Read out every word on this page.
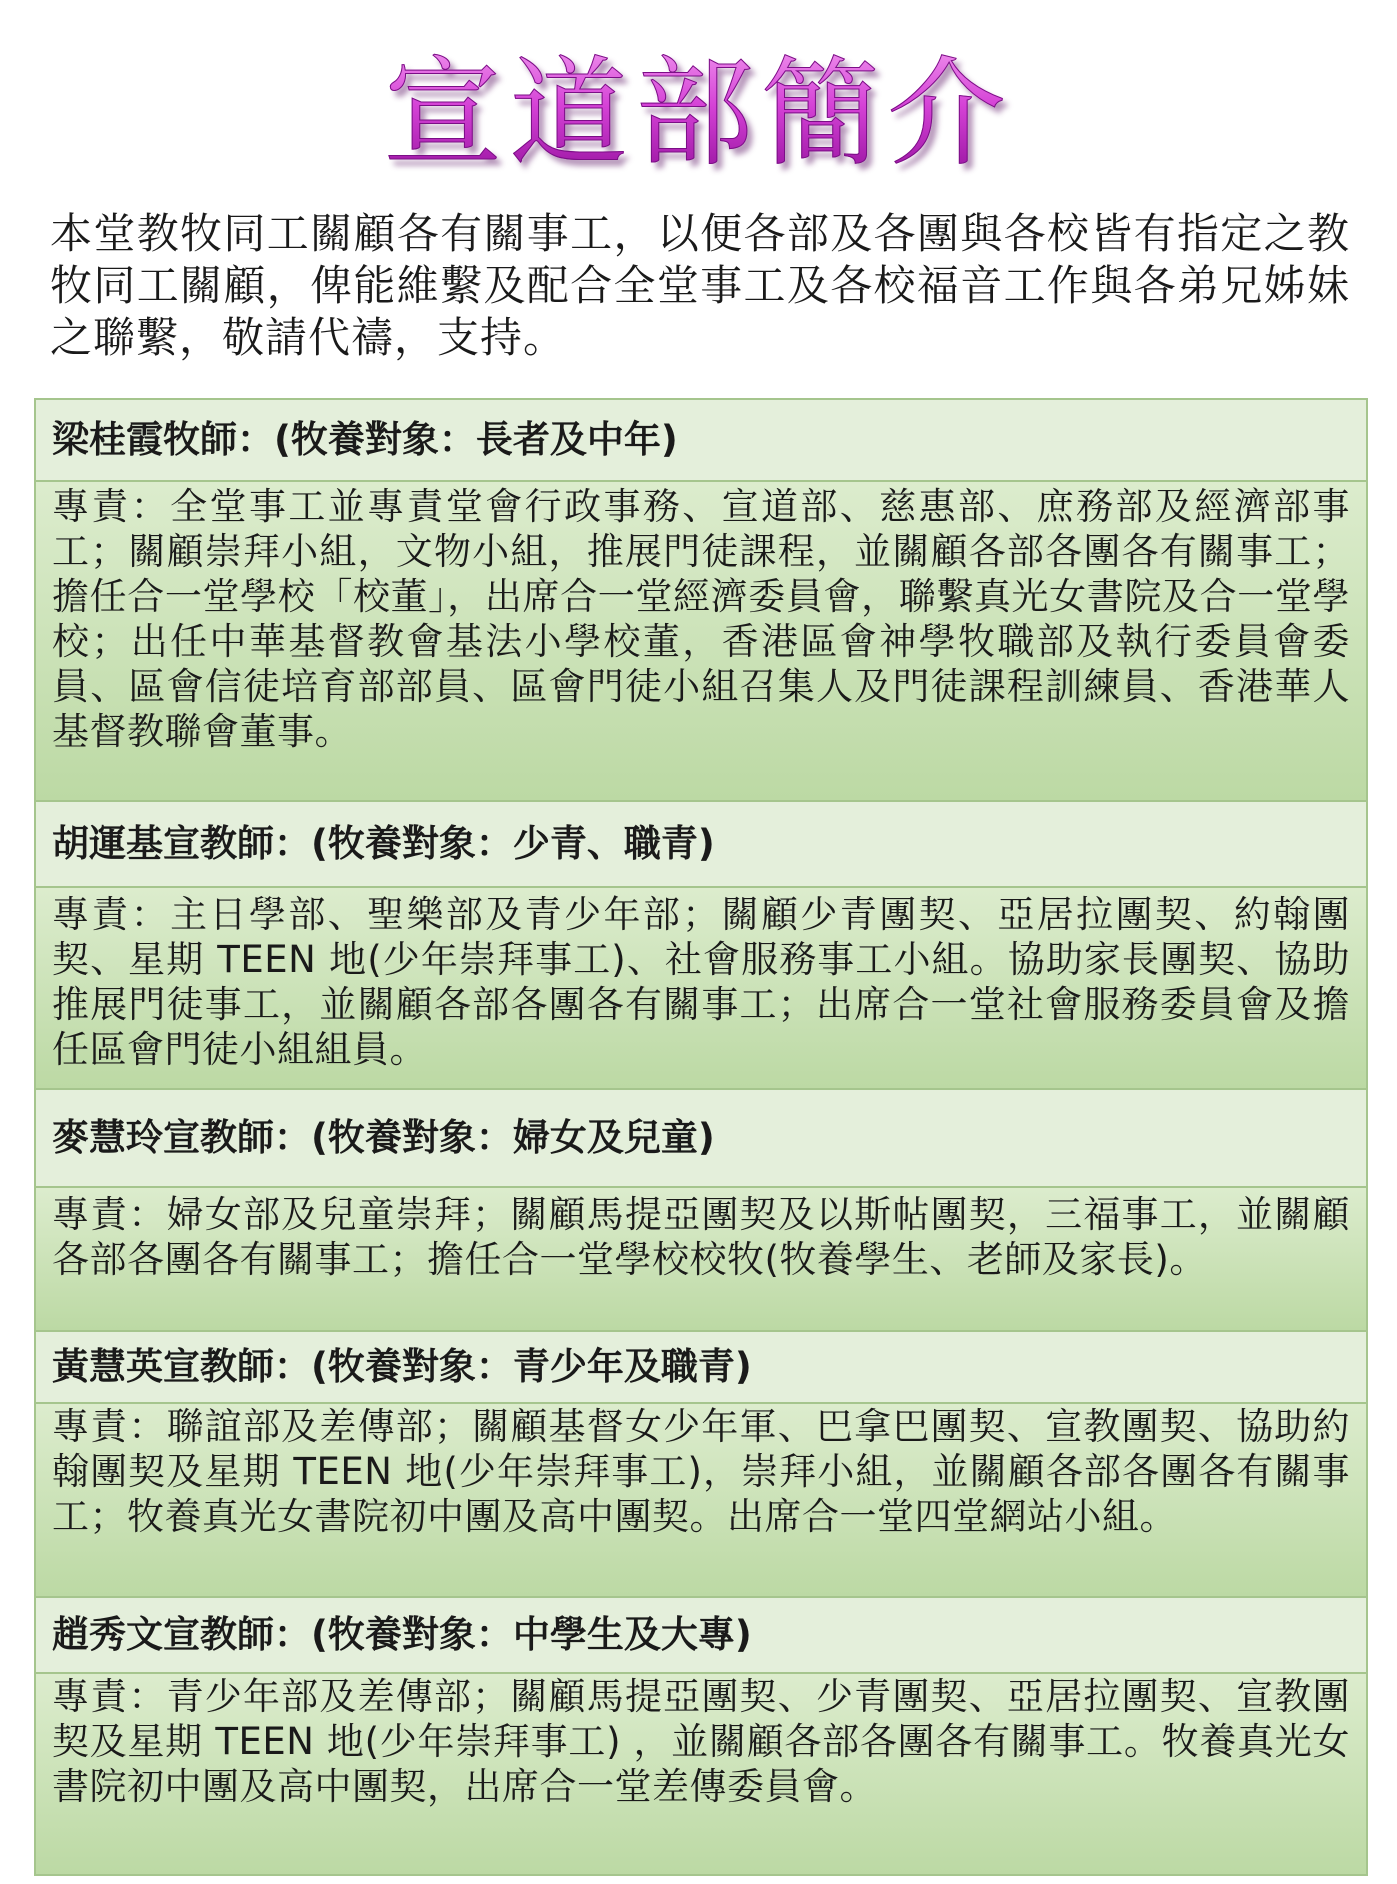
宣道部簡介
本堂教牧同工關顧各有關事工，以便各部及各團與各校皆有指定之教牧同工關顧，俾能維繫及配合全堂事工及各校福音工作與各弟兄姊妹之聯繫，敬請代禱，支持。
梁桂霞牧師：(牧養對象：長者及中年)
專責：全堂事工並專責堂會行政事務、宣道部、慈惠部、庶務部及經濟部事工；關顧崇拜小組，文物小組，推展門徒課程，並關顧各部各團各有關事工；擔任合一堂學校「校董」，出席合一堂經濟委員會，聯繫真光女書院及合一堂學校；出任中華基督教會基法小學校董，香港區會神學牧職部及執行委員會委員、區會信徒培育部部員、區會門徒小組召集人及門徒課程訓練員、香港華人基督教聯會董事。
胡運基宣教師：(牧養對象：少青、職青)
專責：主日學部、聖樂部及青少年部；關顧少青團契、亞居拉團契、約翰團契、星期 TEEN 地(少年崇拜事工)、社會服務事工小組。協助家長團契、協助推展門徒事工，並關顧各部各團各有關事工；出席合一堂社會服務委員會及擔任區會門徒小組組員。
麥慧玲宣教師：(牧養對象：婦女及兒童)
專責：婦女部及兒童崇拜；關顧馬提亞團契及以斯帖團契，三福事工，並關顧各部各團各有關事工；擔任合一堂學校校牧(牧養學生、老師及家長)。
黃慧英宣教師：(牧養對象：青少年及職青)
專責：聯誼部及差傳部；關顧基督女少年軍、巴拿巴團契、宣教團契、協助約翰團契及星期 TEEN 地(少年崇拜事工)，崇拜小組，並關顧各部各團各有關事工；牧養真光女書院初中團及高中團契。出席合一堂四堂網站小組。
趙秀文宣教師：(牧養對象：中學生及大專)
專責：青少年部及差傳部；關顧馬提亞團契、少青團契、亞居拉團契、宣教團契及星期 TEEN 地(少年崇拜事工) ，並關顧各部各團各有關事工。牧養真光女書院初中團及高中團契，出席合一堂差傳委員會。
